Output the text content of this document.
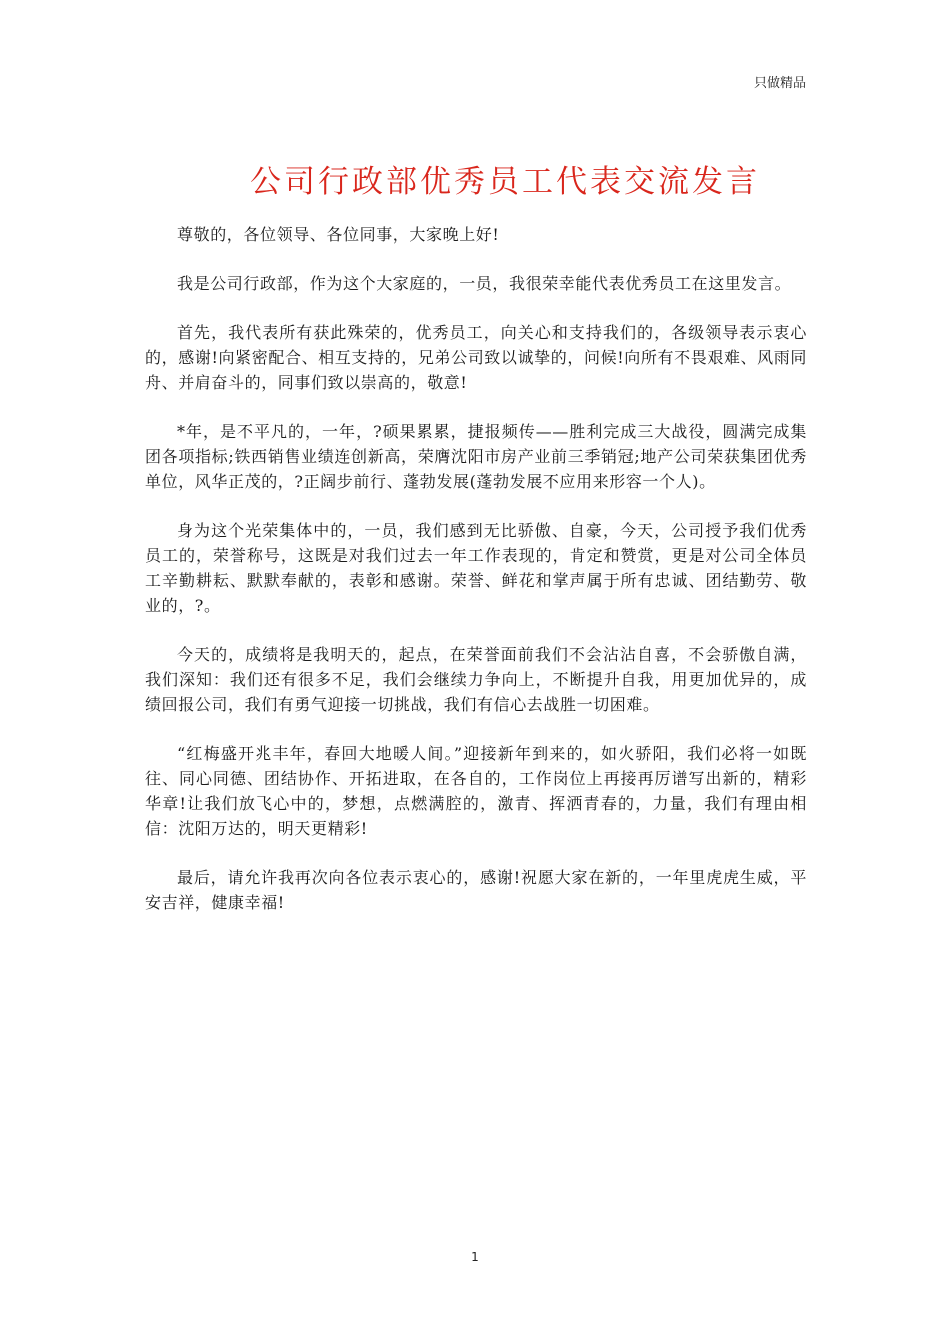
只做精品
公司行政部优秀员工代表交流发言

尊敬的，各位领导、各位同事，大家晚上好!

我是公司行政部，作为这个大家庭的，一员，我很荣幸能代表优秀员工在这里发言。

首先，我代表所有获此殊荣的，优秀员工，向关心和支持我们的，各级领导表示衷心的，感谢!向紧密配合、相互支持的，兄弟公司致以诚挚的，问候!向所有不畏艰难、风雨同舟、并肩奋斗的，同事们致以崇高的，敬意!

*年，是不平凡的，一年，?硕果累累，捷报频传——胜利完成三大战役，圆满完成集团各项指标;铁西销售业绩连创新高，荣膺沈阳市房产业前三季销冠;地产公司荣获集团优秀单位，风华正茂的，?正阔步前行、蓬勃发展(蓬勃发展不应用来形容一个人)。

身为这个光荣集体中的，一员，我们感到无比骄傲、自豪，今天，公司授予我们优秀员工的，荣誉称号，这既是对我们过去一年工作表现的，肯定和赞赏，更是对公司全体员工辛勤耕耘、默默奉献的，表彰和感谢。荣誉、鲜花和掌声属于所有忠诚、团结勤劳、敬业的，?。

今天的，成绩将是我明天的，起点，在荣誉面前我们不会沾沾自喜，不会骄傲自满，我们深知：我们还有很多不足，我们会继续力争向上，不断提升自我，用更加优异的，成绩回报公司，我们有勇气迎接一切挑战，我们有信心去战胜一切困难。

“红梅盛开兆丰年，春回大地暖人间。”迎接新年到来的，如火骄阳，我们必将一如既往、同心同德、团结协作、开拓进取，在各自的，工作岗位上再接再厉谱写出新的，精彩华章!让我们放飞心中的，梦想，点燃满腔的，激青、挥洒青春的，力量，我们有理由相信：沈阳万达的，明天更精彩!

最后，请允许我再次向各位表示衷心的，感谢!祝愿大家在新的，一年里虎虎生威，平安吉祥，健康幸福!

1
